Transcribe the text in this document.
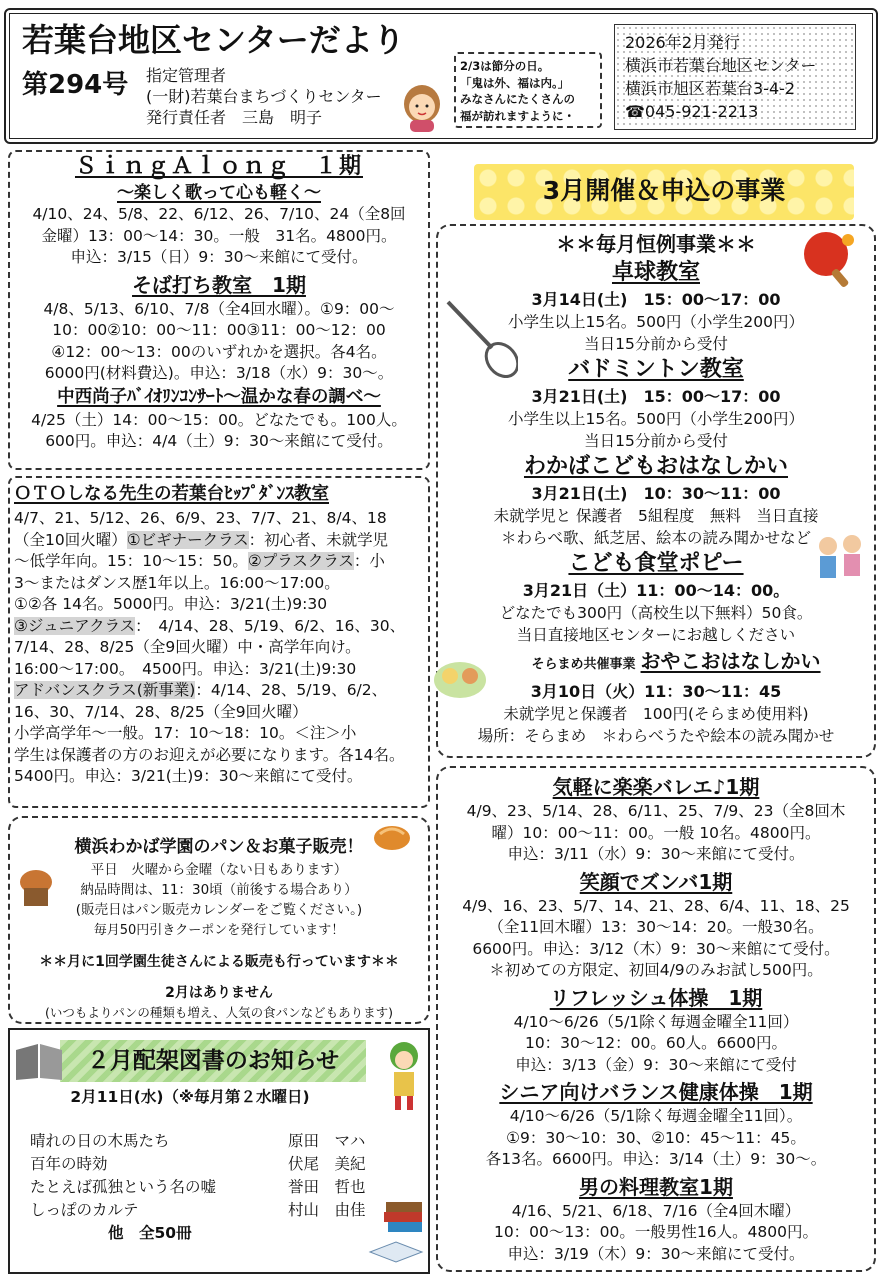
若葉台地区センターだより
第294号 指定管理者
(一財)若葉台まちづくりセンター
発行責任者　三島　明子
2/3は節分の日。
「鬼は外、福は内。」
みなさんにたくさんの
福が訪れますように・
2026年2月発行
横浜市若葉台地区センター
横浜市旭区若葉台3-4-2
☎045-921-2213
ＳｉｎｇＡｌｏｎｇ　１期
～楽しく歌って心も軽く～
4/10、24、5/8、22、6/12、26、7/10、24（全8回
金曜）13：00～14：30。一般　31名。4800円。
申込：3/15（日）9：30～来館にて受付。
そば打ち教室　1期
4/8、5/13、6/10、7/8（全4回水曜）。①9：00～
10：00②10：00～11：00③11：00～12：00
④12：00～13：00のいずれかを選択。各4名。
6000円(材料費込)。申込：3/18（水）9：30～。
中西尚子ﾊﾞｲｵﾘﾝｺﾝｻｰﾄ～温かな春の調べ～
4/25（土）14：00～15：00。どなたでも。100人。
600円。申込：4/4（土）9：30～来館にて受付。
ＯＴＯしなる先生の若葉台ﾋｯﾌﾟﾀﾞﾝｽ教室
4/7、21、5/12、26、6/9、23、7/7、21、8/4、18
（全10回火曜）①ビギナークラス：初心者、未就学児
～低学年向。15：10～15：50。②プラスクラス：小
3～またはダンス歴1年以上。16:00～17:00。
①②各 14名。5000円。申込：3/21(土)9:30
③ジュニアクラス：　4/14、28、5/19、6/2、16、30、
7/14、28、8/25（全9回火曜）中・高学年向け。
16:00～17:00。　4500円。申込：3/21(土)9:30
アドバンスクラス(新事業)：4/14、28、5/19、6/2、
16、30、7/14、28、8/25（全9回火曜）
小学高学年～一般。17：10～18：10。＜注＞小
学生は保護者の方のお迎えが必要になります。各14名。
5400円。申込：3/21(土)9：30～来館にて受付。
横浜わかば学園のパン＆お菓子販売！
平日　火曜から金曜（ない日もあります）
納品時間は、11：30頃（前後する場合あり）
(販売日はパン販売カレンダーをご覧ください。)
毎月50円引きクーポンを発行しています！
＊＊月に1回学園生徒さんによる販売も行っています＊＊
2月はありません
(いつもよりパンの種類も増え、人気の食パンなどもあります)
２月配架図書のお知らせ
2月11日(水)（※毎月第２水曜日)
晴れの日の木馬たち	原田　マハ
百年の時効	伏尾　美紀
たとえば孤独という名の嘘	誉田　哲也
しっぽのカルテ	村山　由佳
他　全50冊
3月開催＆申込の事業
＊＊毎月恒例事業＊＊
卓球教室
3月14日(土)　15：00～17：00
小学生以上15名。500円（小学生200円）
当日15分前から受付
バドミントン教室
3月21日(土)　15：00～17：00
小学生以上15名。500円（小学生200円）
当日15分前から受付
わかばこどもおはなしかい
3月21日(土)　10：30～11：00
未就学児と 保護者　5組程度　無料　当日直接
＊わらべ歌、紙芝居、絵本の読み聞かせなど
こども食堂ポピー
3月21日（土）11：00～14：00。
どなたでも300円（高校生以下無料）50食。
当日直接地区センターにお越しください
そらまめ共催事業 おやこおはなしかい
3月10日（火）11：30～11：45
未就学児と保護者　100円(そらまめ使用料)
場所：そらまめ　＊わらべうたや絵本の読み聞かせ
気軽に楽楽バレエ♪1期
4/9、23、5/14、28、6/11、25、7/9、23（全8回木
曜）10：00～11：00。一般 10名。4800円。
申込：3/11（水）9：30～来館にて受付。
笑顔でズンバ1期
4/9、16、23、5/7、14、21、28、6/4、11、18、25
（全11回木曜）13：30～14：20。一般30名。
6600円。申込：3/12（木）9：30～来館にて受付。
＊初めての方限定、初回4/9のみお試し500円。
リフレッシュ体操　1期
4/10～6/26（5/1除く毎週金曜全11回）
10：30～12：00。60人。6600円。
申込：3/13（金）9：30～来館にて受付
シニア向けバランス健康体操　1期
4/10～6/26（5/1除く毎週金曜全11回）。
①9：30～10：30、②10：45～11：45。
各13名。6600円。申込：3/14（土）9：30～。
男の料理教室1期
4/16、5/21、6/18、7/16（全4回木曜）
10：00～13：00。一般男性16人。4800円。
申込：3/19（木）9：30～来館にて受付。
